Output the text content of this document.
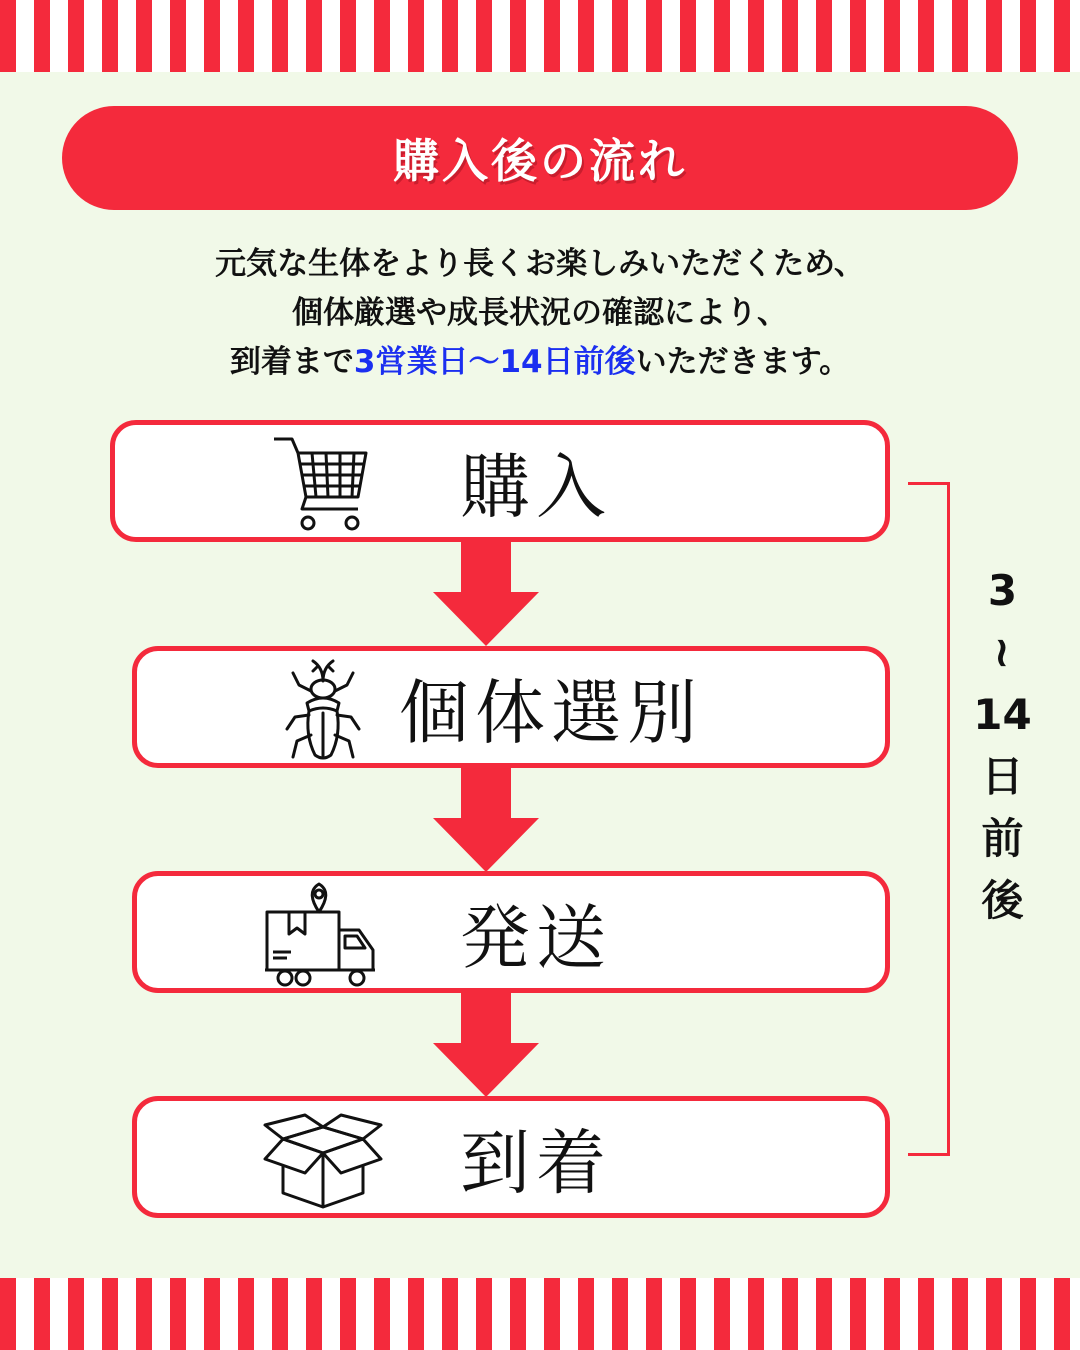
購入後の流れ
元気な生体をより長くお楽しみいただくため、
個体厳選や成長状況の確認により、
到着まで3営業日〜14日前後いただきます。
購入
個体選別
発送
到着
3
~
14
日
前
後
